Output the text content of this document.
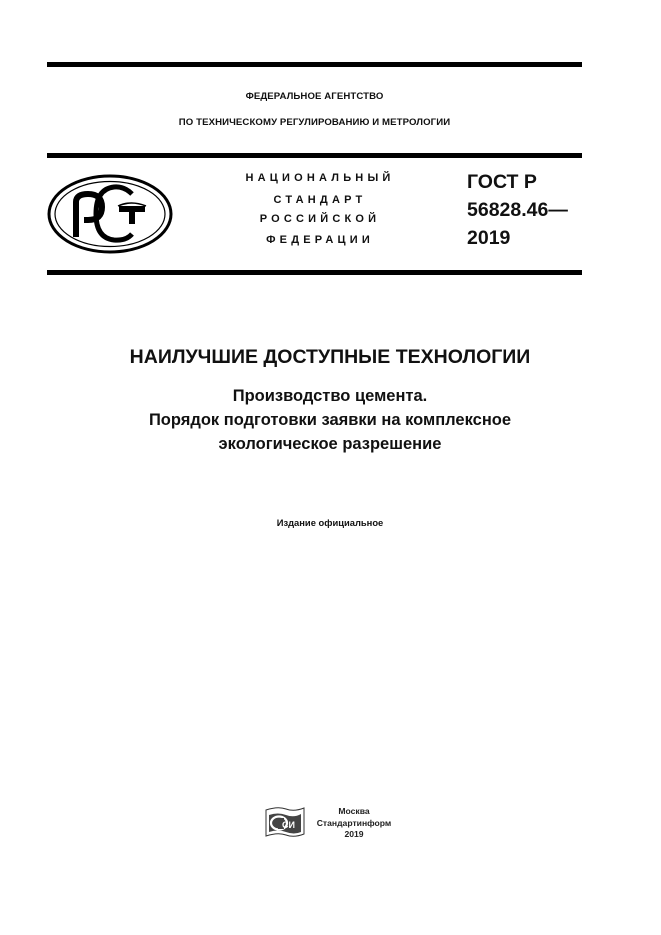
ФЕДЕРАЛЬНОЕ АГЕНТСТВО
ПО ТЕХНИЧЕСКОМУ РЕГУЛИРОВАНИЮ И МЕТРОЛОГИИ
НАЦИОНАЛЬНЫЙ
СТАНДАРТ
РОССИЙСКОЙ
ФЕДЕРАЦИИ
ГОСТ Р
56828.46—
2019
НАИЛУЧШИЕ ДОСТУПНЫЕ ТЕХНОЛОГИИ
Производство цемента.
Порядок подготовки заявки на комплексное
экологическое разрешение
Издание официальное
СИ
Москва
Стандартинформ
2019
